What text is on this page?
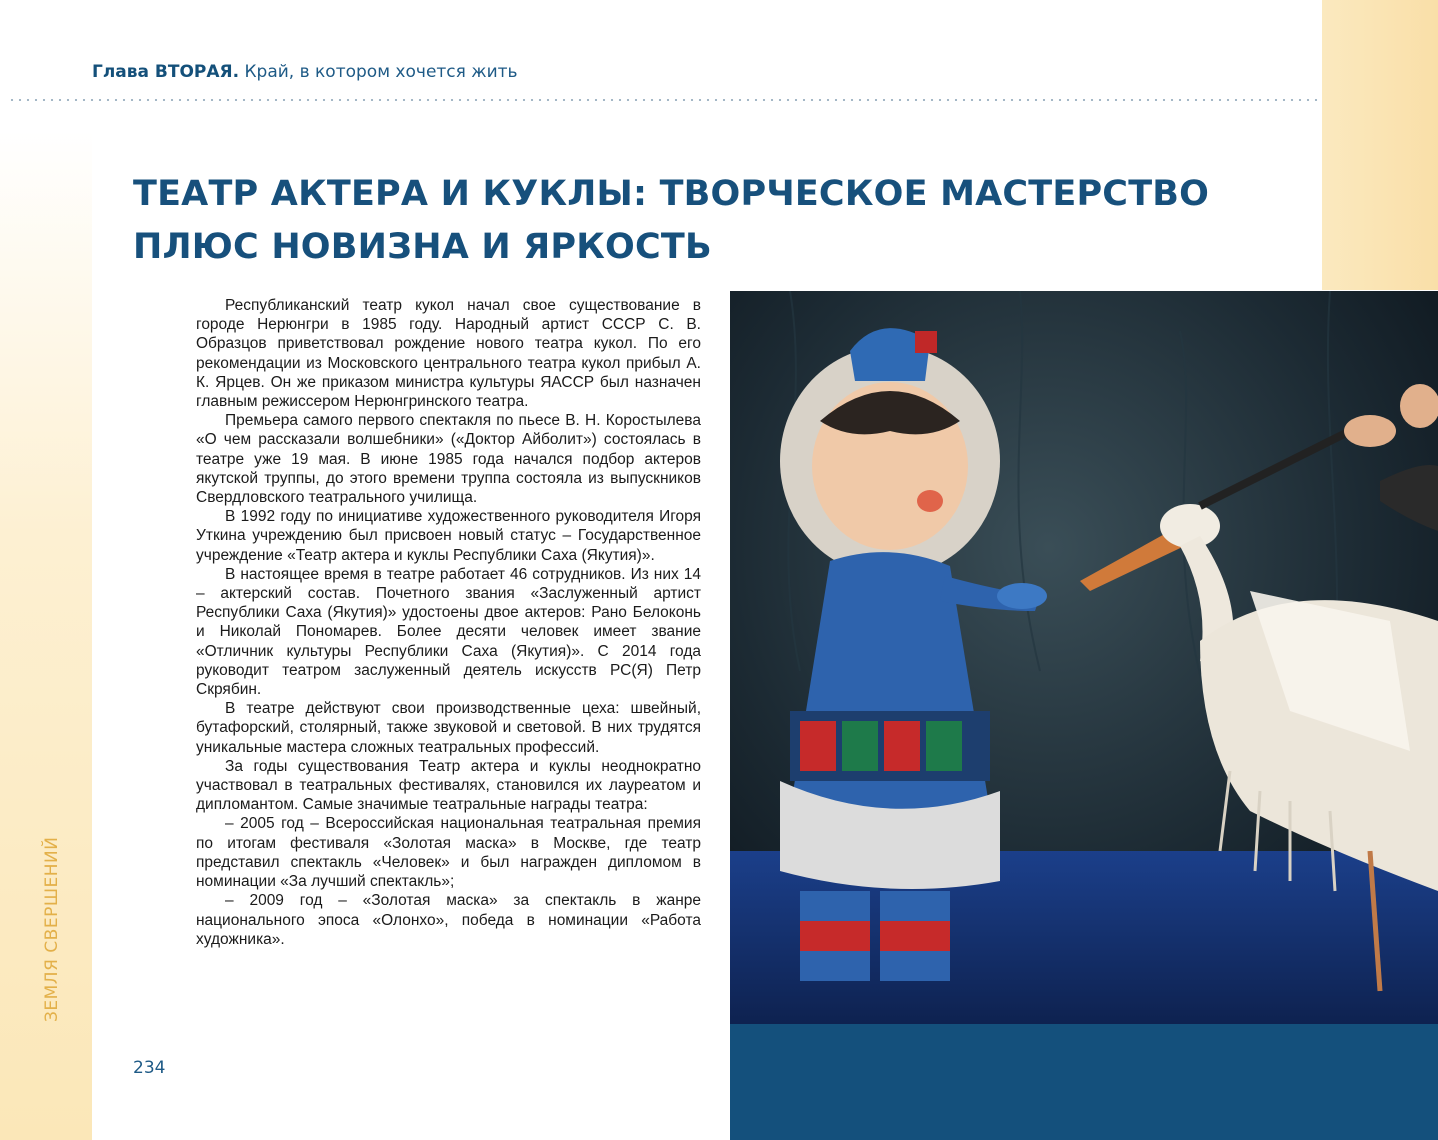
Глава ВТОРАЯ. Край, в котором хочется жить
ТЕАТР АКТЕРА И КУКЛЫ: ТВОРЧЕСКОЕ МАСТЕРСТВО
ПЛЮС НОВИЗНА И ЯРКОСТЬ

Республиканский театр кукол начал свое существование в городе Нерюнгри в 1985 году. Народный артист СССР С. В. Образцов приветствовал рождение нового театра кукол. По его рекомендации из Московского центрального театра кукол прибыл А. К. Ярцев. Он же приказом министра культуры ЯАССР был назначен главным режиссером Нерюнгринского театра.

Премьера самого первого спектакля по пьесе В. Н. Коростылева «О чем рассказали волшебники» («Доктор Айболит») состоялась в театре уже 19 мая. В июне 1985 года начался подбор актеров якутской труппы, до этого времени труппа состояла из выпускников Свердловского театрального училища.

В 1992 году по инициативе художественного руководителя Игоря Уткина учреждению был присвоен новый статус – Государственное учреждение «Театр актера и куклы Республики Саха (Якутия)».

В настоящее время в театре работает 46 сотрудников. Из них 14 – актерский состав. Почетного звания «Заслуженный артист Республики Саха (Якутия)» удостоены двое актеров: Рано Белоконь и Николай Пономарев. Более десяти человек имеет звание «Отличник культуры Республики Саха (Якутия)». С 2014 года руководит театром заслуженный деятель искусств РС(Я) Петр Скрябин.

В театре действуют свои производственные цеха: швейный, бутафорский, столярный, также звуковой и световой. В них трудятся уникальные мастера сложных театральных профессий.

За годы существования Театр актера и куклы неоднократно участвовал в театральных фестивалях, становился их лауреатом и дипломантом. Самые значимые театральные награды театра:

– 2005 год – Всероссийская национальная театральная премия по итогам фестиваля «Золотая маска» в Москве, где театр представил спектакль «Человек» и был награжден дипломом в номинации «За лучший спектакль»;

– 2009 год – «Золотая маска» за спектакль в жанре национального эпоса «Олонхо», победа в номинации «Работа художника».

ЗЕМЛЯ СВЕРШЕНИЙ
234
